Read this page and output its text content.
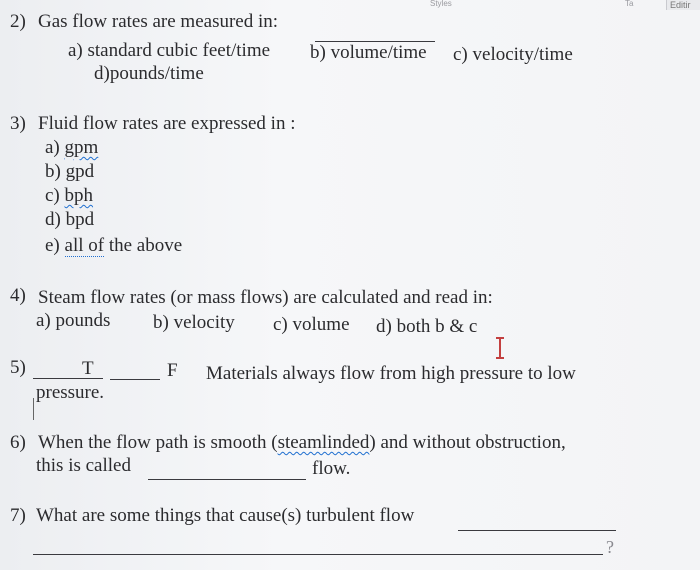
Styles	Ta	Editir
2) Gas flow rates are measured in:
a) standard cubic feet/time b) volume/time c) velocity/time
d)pounds/time
3) Fluid flow rates are expressed in :
a) gpm
b) gpd
c) bph
d) bpd
e) all of the above
4) Steam flow rates (or mass flows) are calculated and read in:
a) pounds b) velocity c) volume d) both b & c
5)	T	F Materials always flow from high pressure to low
pressure.
6) When the flow path is smooth (steamlinded) and without obstruction,
this is called	flow.
7) What are some things that cause(s) turbulent flow
?
